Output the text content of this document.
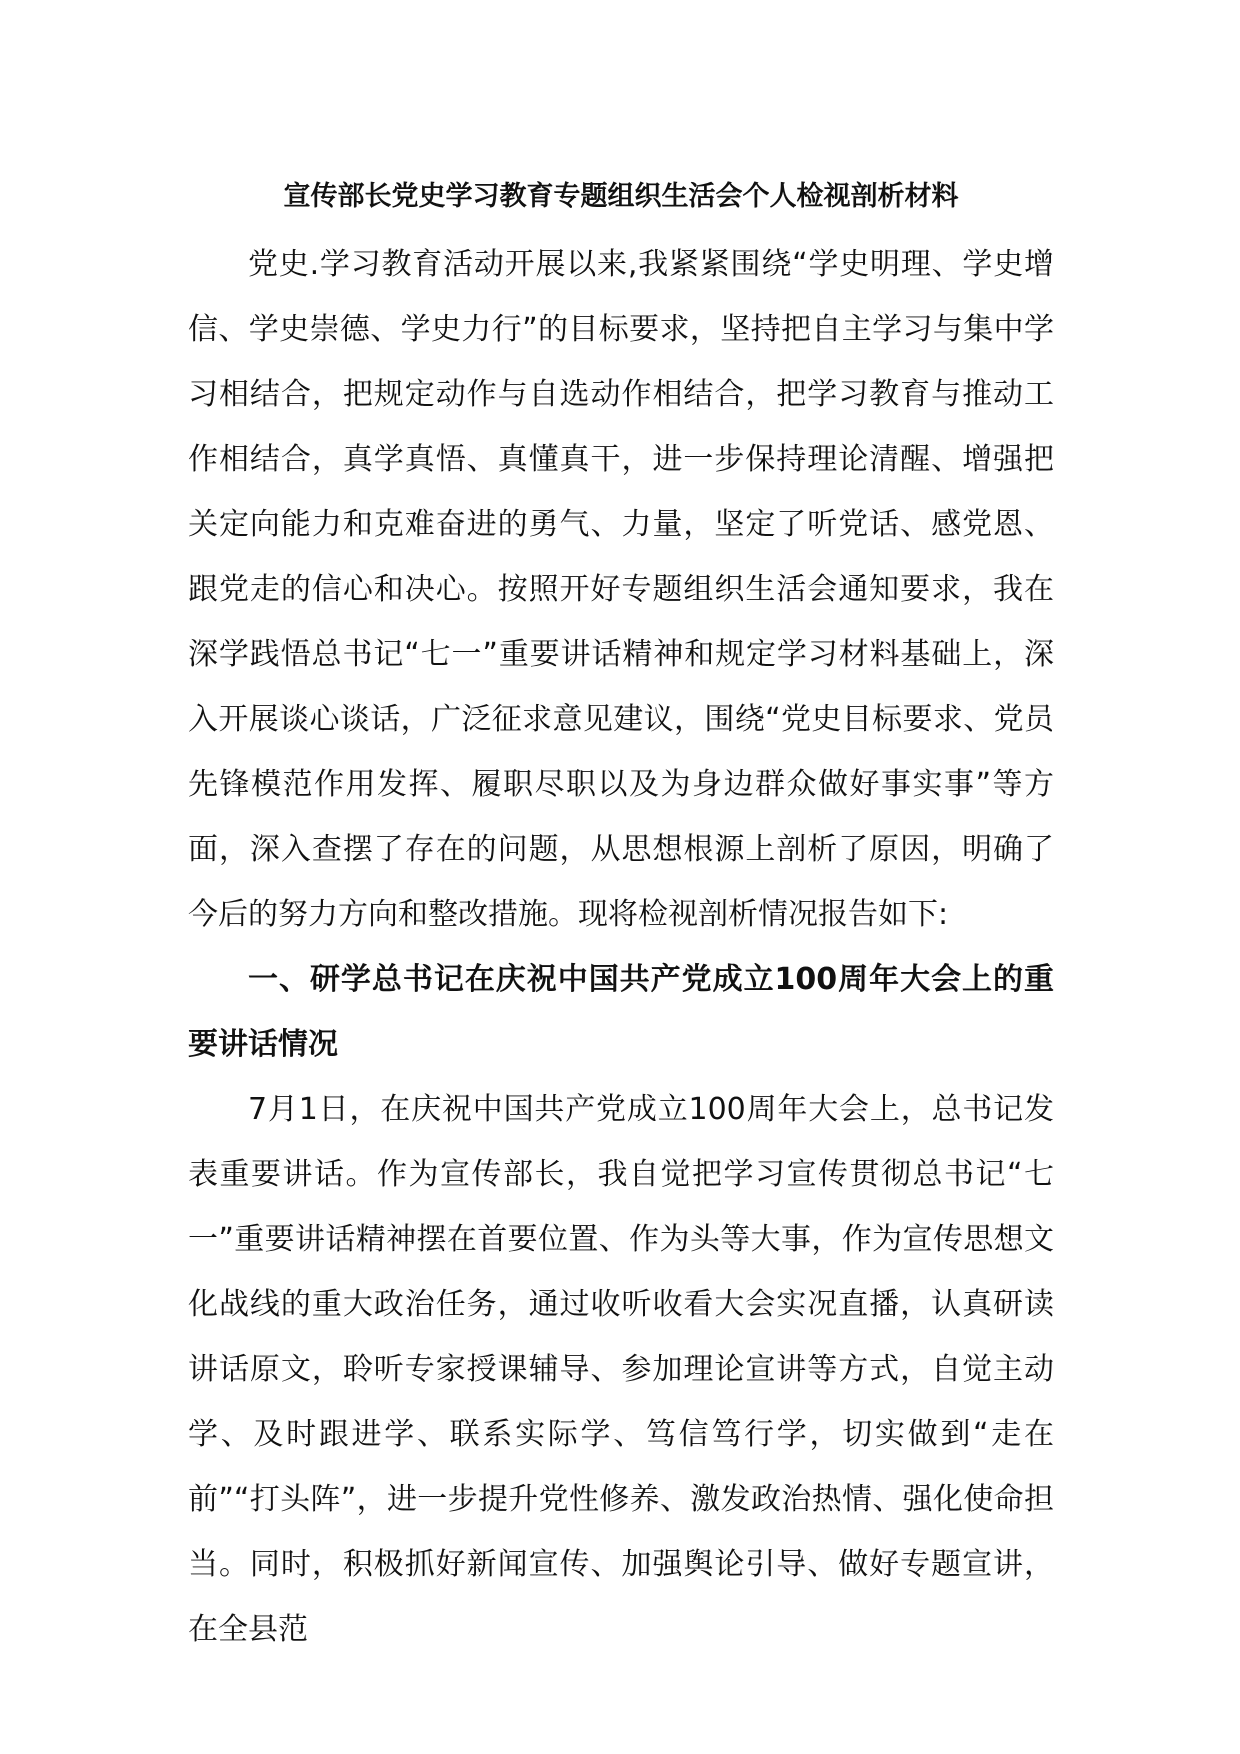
宣传部长党史学习教育专题组织生活会个人检视剖析材料

党史.学习教育活动开展以来,我紧紧围绕“学史明理、学史增信、学史崇德、学史力行”的目标要求，坚持把自主学习与集中学习相结合，把规定动作与自选动作相结合，把学习教育与推动工作相结合，真学真悟、真懂真干，进一步保持理论清醒、增强把关定向能力和克难奋进的勇气、力量，坚定了听党话、感党恩、跟党走的信心和决心。按照开好专题组织生活会通知要求，我在深学践悟总书记“七一”重要讲话精神和规定学习材料基础上，深入开展谈心谈话，广泛征求意见建议，围绕“党史目标要求、党员先锋模范作用发挥、履职尽职以及为身边群众做好事实事”等方面，深入查摆了存在的问题，从思想根源上剖析了原因，明确了今后的努力方向和整改措施。现将检视剖析情况报告如下:

一、研学总书记在庆祝中国共产党成立100周年大会上的重要讲话情况

7月1日，在庆祝中国共产党成立100周年大会上，总书记发表重要讲话。作为宣传部长，我自觉把学习宣传贯彻总书记“七一”重要讲话精神摆在首要位置、作为头等大事，作为宣传思想文化战线的重大政治任务，通过收听收看大会实况直播，认真研读讲话原文，聆听专家授课辅导、参加理论宣讲等方式，自觉主动学、及时跟进学、联系实际学、笃信笃行学，切实做到“走在前”“打头阵”，进一步提升党性修养、激发政治热情、强化使命担当。同时，积极抓好新闻宣传、加强舆论引导、做好专题宣讲，在全县范
